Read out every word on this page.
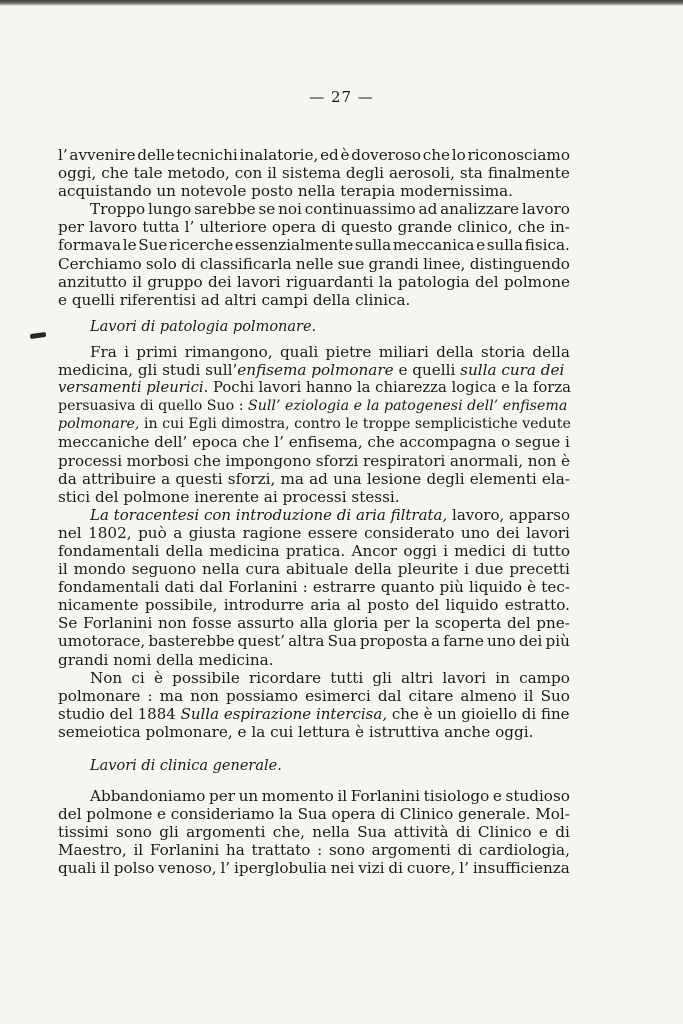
— 27 —
l’ avvenire delle tecnichi inalatorie, ed è doveroso che lo riconosciamo
oggi, che tale metodo, con il sistema degli aerosoli, sta finalmente
acquistando un notevole posto nella terapia modernissima.
Troppo lungo sarebbe se noi continuassimo ad analizzare lavoro
per lavoro tutta l’ ulteriore opera di questo grande clinico, che in-
formava le Sue ricerche essenzialmente sulla meccanica e sulla fisica.
Cerchiamo solo di classificarla nelle sue grandi linee, distinguendo
anzitutto il gruppo dei lavori riguardanti la patologia del polmone
e quelli riferentisi ad altri campi della clinica.
Lavori di patologia polmonare.
Fra i primi rimangono, quali pietre miliari della storia della
medicina, gli studi sull’enfisema polmonare e quelli sulla cura dei
versamenti pleurici. Pochi lavori hanno la chiarezza logica e la forza
persuasiva di quello Suo : Sull’ eziologia e la patogenesi dell’ enfisema
polmonare, in cui Egli dimostra, contro le troppe semplicistiche vedute
meccaniche dell’ epoca che l’ enfisema, che accompagna o segue i
processi morbosi che impongono sforzi respiratori anormali, non è
da attribuire a questi sforzi, ma ad una lesione degli elementi ela-
stici del polmone inerente ai processi stessi.
La toracentesi con introduzione di aria filtrata, lavoro, apparso
nel 1802, può a giusta ragione essere considerato uno dei lavori
fondamentali della medicina pratica. Ancor oggi i medici di tutto
il mondo seguono nella cura abituale della pleurite i due precetti
fondamentali dati dal Forlanini : estrarre quanto più liquido è tec-
nicamente possibile, introdurre aria al posto del liquido estratto.
Se Forlanini non fosse assurto alla gloria per la scoperta del pne-
umotorace, basterebbe quest’ altra Sua proposta a farne uno dei più
grandi nomi della medicina.
Non ci è possibile ricordare tutti gli altri lavori in campo
polmonare : ma non possiamo esimerci dal citare almeno il Suo
studio del 1884 Sulla espirazione intercisa, che è un gioiello di fine
semeiotica polmonare, e la cui lettura è istruttiva anche oggi.
Lavori di clinica generale.
Abbandoniamo per un momento il Forlanini tisiologo e studioso
del polmone e consideriamo la Sua opera di Clinico generale. Mol-
tissimi sono gli argomenti che, nella Sua attività di Clinico e di
Maestro, il Forlanini ha trattato : sono argomenti di cardiologia,
quali il polso venoso, l’ iperglobulia nei vizi di cuore, l’ insufficienza
